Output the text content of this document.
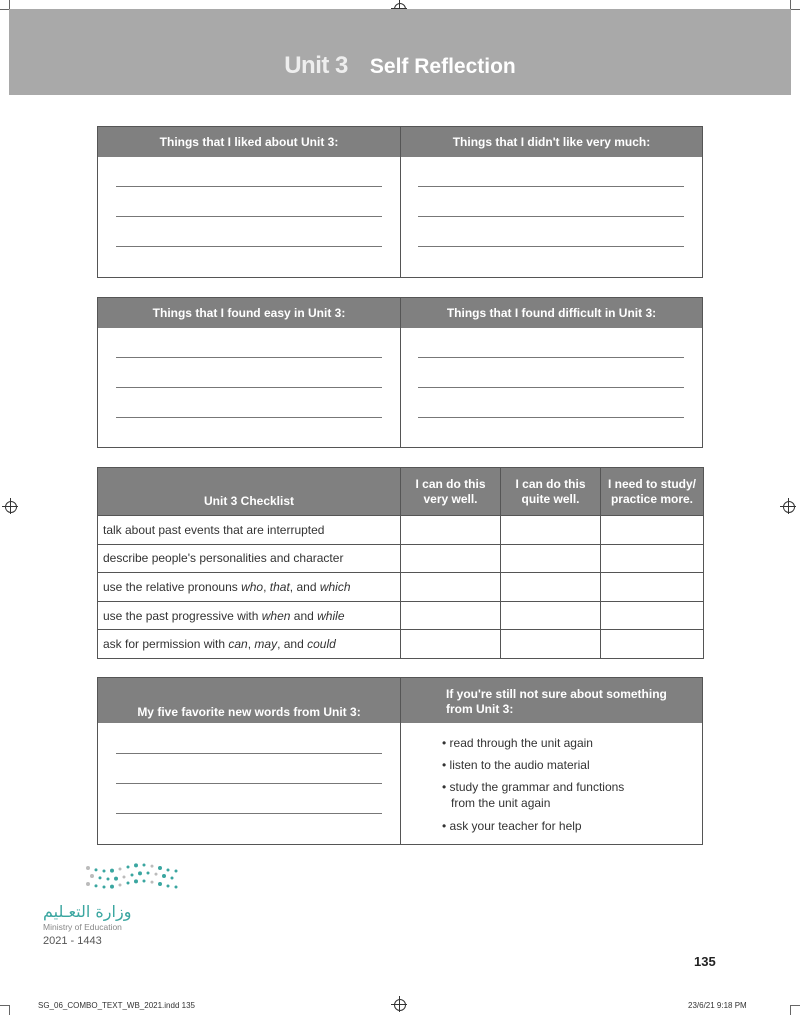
Unit 3 Self Reflection
Things that I liked about Unit 3:	Things that I didn't like very much:
Things that I found easy in Unit 3:	Things that I found difficult in Unit 3:
Unit 3 Checklist	I can do this very well.	I can do this quite well.	I need to study/ practice more.
talk about past events that are interrupted			
describe people's personalities and character			
use the relative pronouns who, that, and which			
use the past progressive with when and while			
ask for permission with can, may, and could			
My five favorite new words from Unit 3:
If you're still not sure about something from Unit 3:
• read through the unit again
• listen to the audio material
• study the grammar and functions
from the unit again
• ask your teacher for help
وزارة التعـليم
Ministry of Education
2021 - 1443
135
SG_06_COMBO_TEXT_WB_2021.indd 135	23/6/21 9:18 PM
